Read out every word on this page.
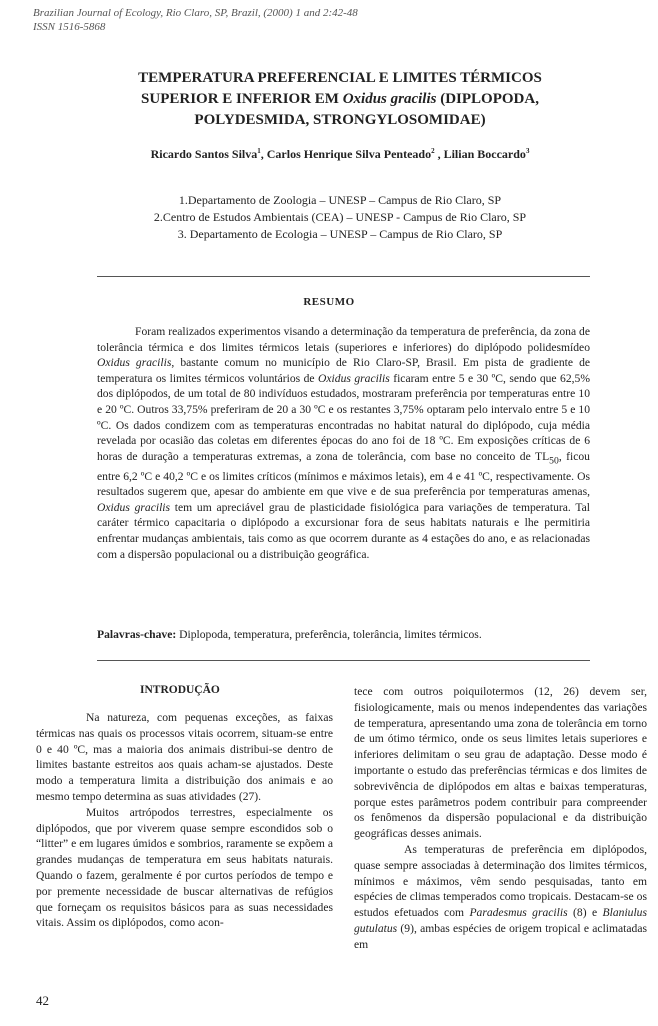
Brazilian Journal of Ecology, Rio Claro, SP, Brazil, (2000) 1 and 2:42-48
ISSN 1516-5868
TEMPERATURA PREFERENCIAL E LIMITES TÉRMICOS
SUPERIOR E INFERIOR EM Oxidus gracilis (DIPLOPODA,
POLYDESMIDA, STRONGYLOSOMIDAE)
Ricardo Santos Silva$^1$, Carlos Henrique Silva Penteado$^2$ , Lilian Boccardo$^3$
1.Departamento de Zoologia – UNESP – Campus de Rio Claro, SP
2.Centro de Estudos Ambientais (CEA) – UNESP - Campus de Rio Claro, SP
3. Departamento de Ecologia – UNESP – Campus de Rio Claro, SP
RESUMO
Foram realizados experimentos visando a determinação da temperatura de preferência, da zona de tolerância térmica e dos limites térmicos letais (superiores e inferiores) do diplópodo polidesmídeo Oxidus gracilis, bastante comum no município de Rio Claro-SP, Brasil. Em pista de gradiente de temperatura os limites térmicos voluntários de Oxidus gracilis ficaram entre 5 e 30 ºC, sendo que 62,5% dos diplópodos, de um total de 80 indivíduos estudados, mostraram preferência por temperaturas entre 10 e 20 ºC. Outros 33,75% preferiram de 20 a 30 ºC e os restantes 3,75% optaram pelo intervalo entre 5 e 10 ºC. Os dados condizem com as temperaturas encontradas no habitat natural do diplópodo, cuja média revelada por ocasião das coletas em diferentes épocas do ano foi de 18 ºC. Em exposições críticas de 6 horas de duração a temperaturas extremas, a zona de tolerância, com base no conceito de $TL_{50}$, ficou entre 6,2 ºC e 40,2 ºC e os limites críticos (mínimos e máximos letais), em 4 e 41 ºC, respectivamente. Os resultados sugerem que, apesar do ambiente em que vive e de sua preferência por temperaturas amenas, Oxidus gracilis tem um apreciável grau de plasticidade fisiológica para variações de temperatura. Tal caráter térmico capacitaria o diplópodo a excursionar fora de seus habitats naturais e lhe permitiria enfrentar mudanças ambientais, tais como as que ocorrem durante as 4 estações do ano, e as relacionadas com a dispersão populacional ou a distribuição geográfica.
Palavras-chave: Diplopoda, temperatura, preferência, tolerância, limites térmicos.
INTRODUÇÃO

Na natureza, com pequenas exceções, as faixas térmicas nas quais os processos vitais ocorrem, situam-se entre 0 e 40 ºC, mas a maioria dos animais distribui-se dentro de limites bastante estreitos aos quais acham-se ajustados. Deste modo a temperatura limita a distribuição dos animais e ao mesmo tempo determina as suas atividades (27).

Muitos artrópodos terrestres, especialmente os diplópodos, que por viverem quase sempre escondidos sob o “litter” e em lugares úmidos e sombrios, raramente se expõem a grandes mudanças de temperatura em seus habitats naturais. Quando o fazem, geralmente é por curtos períodos de tempo e por premente necessidade de buscar alternativas de refúgios que forneçam os requisitos básicos para as suas necessidades vitais. Assim os diplópodos, como acon-

tece com outros poiquilotermos (12, 26) devem ser, fisiologicamente, mais ou menos independentes das variações de temperatura, apresentando uma zona de tolerância em torno de um ótimo térmico, onde os seus limites letais superiores e inferiores delimitam o seu grau de adaptação. Desse modo é importante o estudo das preferências térmicas e dos limites de sobrevivência de diplópodos em altas e baixas temperaturas, porque estes parâmetros podem contribuir para compreender os fenômenos da dispersão populacional e da distribuição geográficas desses animais.

As temperaturas de preferência em diplópodos, quase sempre associadas à determinação dos limites térmicos, mínimos e máximos, vêm sendo pesquisadas, tanto em espécies de climas temperados como tropicais. Destacam-se os estudos efetuados com Paradesmus gracilis (8) e Blaniulus gutulatus (9), ambas espécies de origem tropical e aclimatadas em

42
